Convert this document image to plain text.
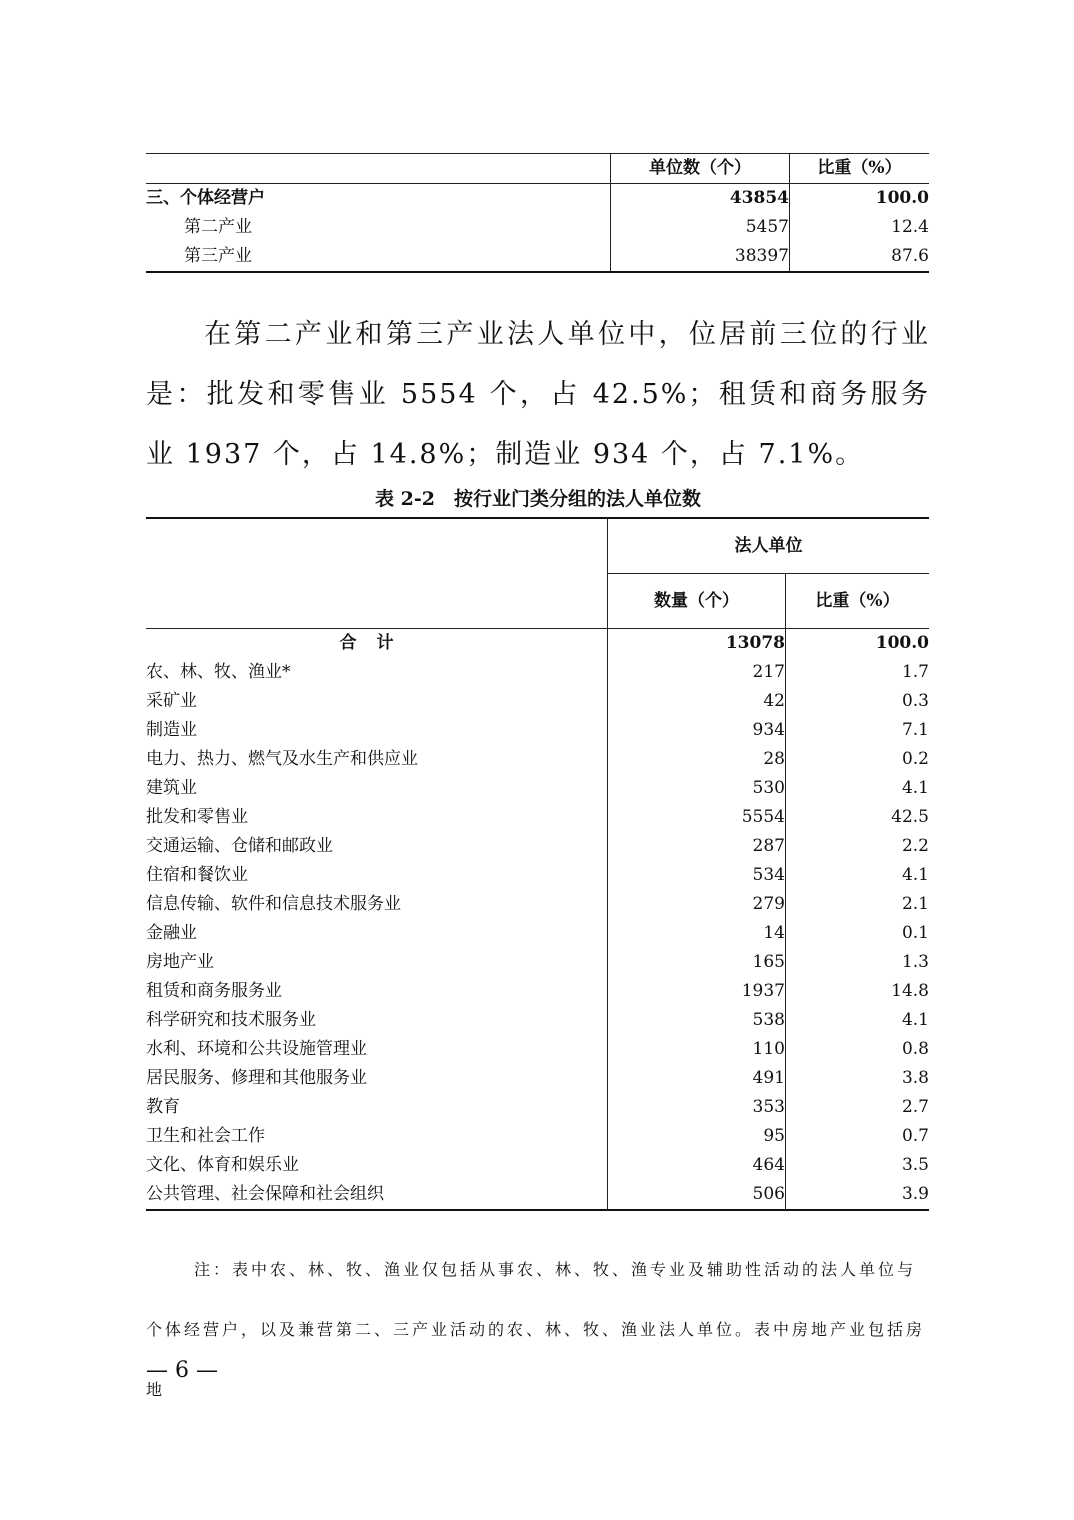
	单位数（个）	比重（%）
三、个体经营户	43854	100.0
第二产业	5457	12.4
第三产业	38397	87.6

在第二产业和第三产业法人单位中，位居前三位的行业是：批发和零售业 5554 个，占 42.5%；租赁和商务服务业 1937 个，占 14.8%；制造业 934 个，占 7.1%。

表 2-2　按行业门类分组的法人单位数
	法人单位	
	数量（个）	比重（%）
合计	13078	100.0
农、林、牧、渔业*	217	1.7
采矿业	42	0.3
制造业	934	7.1
电力、热力、燃气及水生产和供应业	28	0.2
建筑业	530	4.1
批发和零售业	5554	42.5
交通运输、仓储和邮政业	287	2.2
住宿和餐饮业	534	4.1
信息传输、软件和信息技术服务业	279	2.1
金融业	14	0.1
房地产业	165	1.3
租赁和商务服务业	1937	14.8
科学研究和技术服务业	538	4.1
水利、环境和公共设施管理业	110	0.8
居民服务、修理和其他服务业	491	3.8
教育	353	2.7
卫生和社会工作	95	0.7
文化、体育和娱乐业	464	3.5
公共管理、社会保障和社会组织	506	3.9

注：表中农、林、牧、渔业仅包括从事农、林、牧、渔专业及辅助性活动的法人单位与个体经营户，以及兼营第二、三产业活动的农、林、牧、渔业法人单位。表中房地产业包括房地

— 6 —
